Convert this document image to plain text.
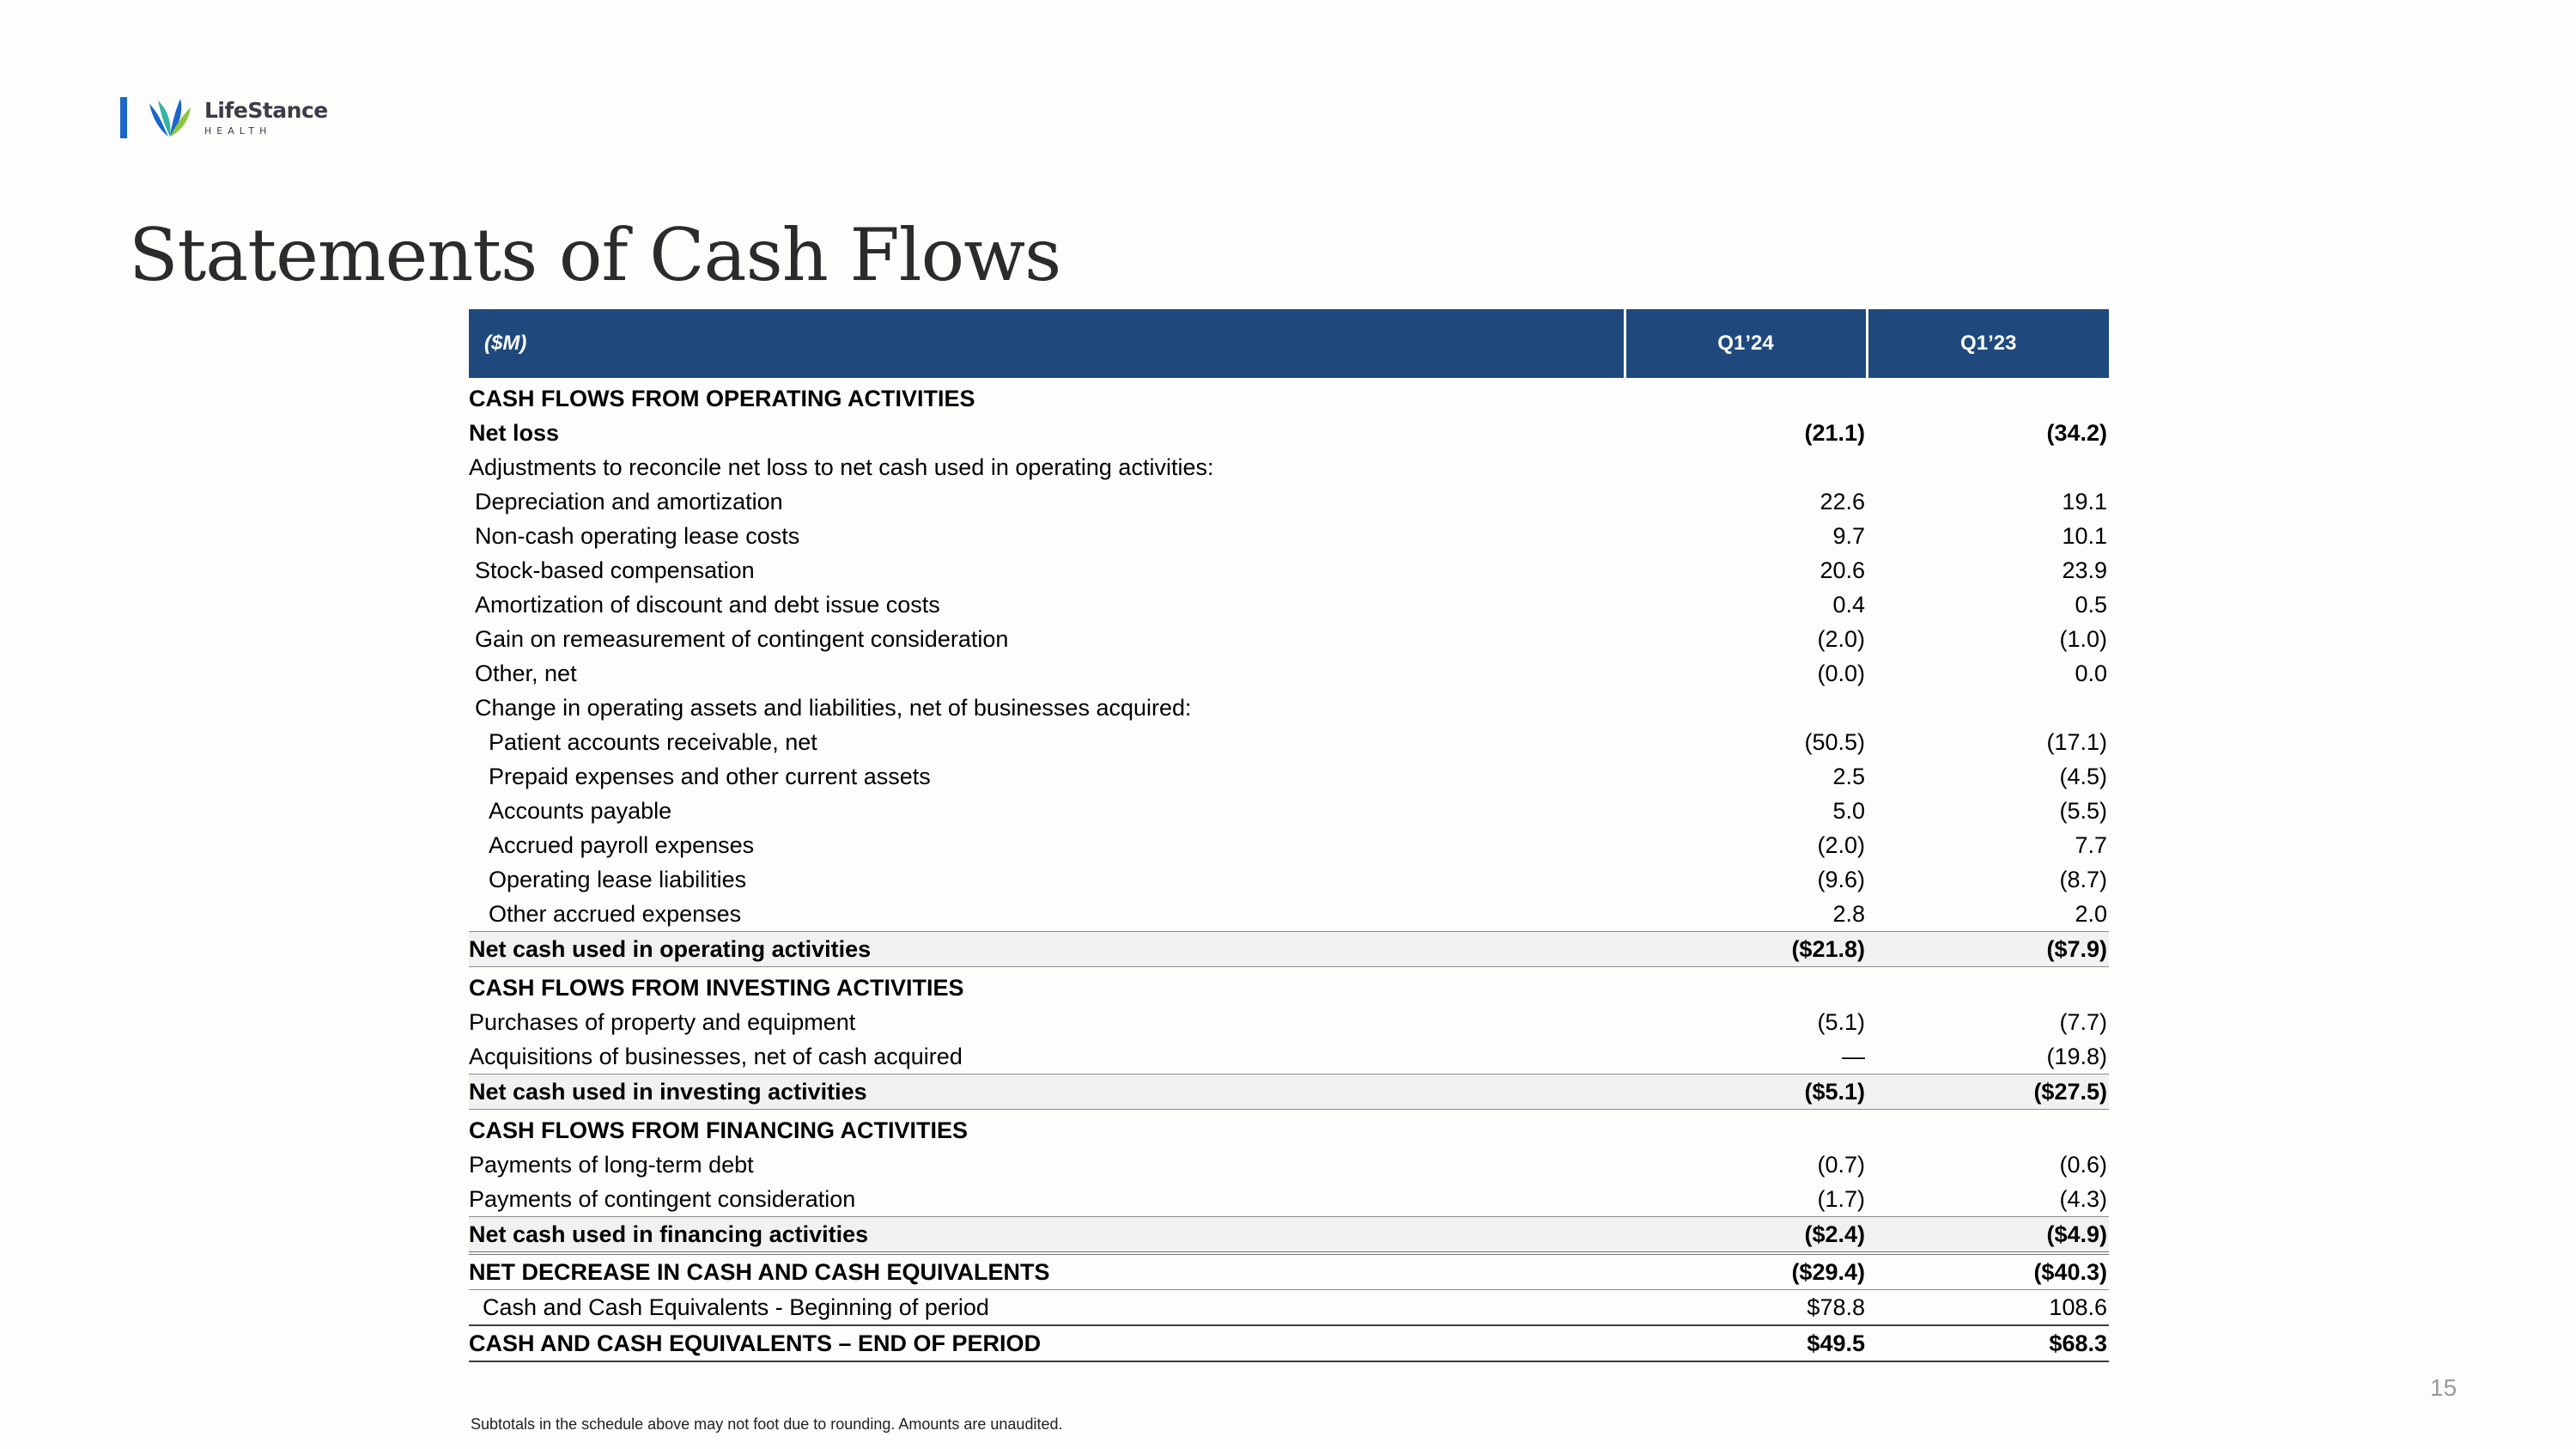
LifeStance
HEALTH
Statements of Cash Flows
($M)	Q1’24	Q1’23

CASH FLOWS FROM OPERATING ACTIVITIES		
Net loss	(21.1)	(34.2)
Adjustments to reconcile net loss to net cash used in operating activities:		
Depreciation and amortization	22.6	19.1
Non-cash operating lease costs	9.7	10.1
Stock-based compensation	20.6	23.9
Amortization of discount and debt issue costs	0.4	0.5
Gain on remeasurement of contingent consideration	(2.0)	(1.0)
Other, net	(0.0)	0.0
Change in operating assets and liabilities, net of businesses acquired:		
Patient accounts receivable, net	(50.5)	(17.1)
Prepaid expenses and other current assets	2.5	(4.5)
Accounts payable	5.0	(5.5)
Accrued payroll expenses	(2.0)	7.7
Operating lease liabilities	(9.6)	(8.7)
Other accrued expenses	2.8	2.0
Net cash used in operating activities	($21.8)	($7.9)

CASH FLOWS FROM INVESTING ACTIVITIES		
Purchases of property and equipment	(5.1)	(7.7)
Acquisitions of businesses, net of cash acquired	—	(19.8)
Net cash used in investing activities	($5.1)	($27.5)

CASH FLOWS FROM FINANCING ACTIVITIES		
Payments of long-term debt	(0.7)	(0.6)
Payments of contingent consideration	(1.7)	(4.3)
Net cash used in financing activities	($2.4)	($4.9)
NET DECREASE IN CASH AND CASH EQUIVALENTS	($29.4)	($40.3)
Cash and Cash Equivalents - Beginning of period	$78.8	108.6
CASH AND CASH EQUIVALENTS – END OF PERIOD	$49.5	$68.3
15
Subtotals in the schedule above may not foot due to rounding. Amounts are unaudited.
